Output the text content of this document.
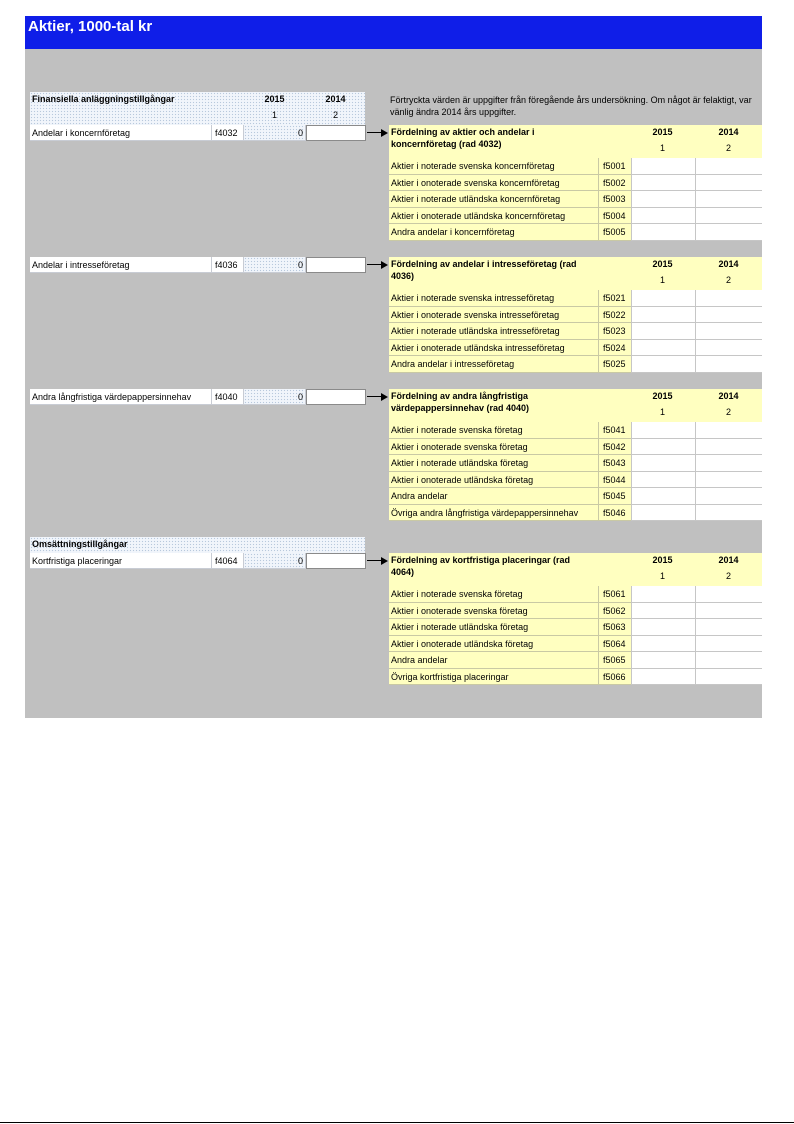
Aktier, 1000-tal kr
Finansiella anläggningstillgångar	2015	2014
1	2
Förtryckta värden är uppgifter från föregående års undersökning. Om något är felaktigt, var vänlig ändra 2014 års uppgifter.
Omsättningstillgångar
Andelar i koncernföretag	f4032	0
Andelar i intresseföretag	f4036	0
Andra långfristiga värdepappersinnehav	f4040	0
Kortfristiga placeringar	f4064	0
Fördelning av aktier och andelar i koncernföretag (rad 4032)
2015	2014
1	2
Aktier i noterade svenska koncernföretag	f5001
Aktier i onoterade svenska koncernföretag	f5002
Aktier i noterade utländska koncernföretag	f5003
Aktier i onoterade utländska koncernföretag	f5004
Andra andelar i koncernföretag	f5005
Fördelning av andelar i intresseföretag (rad 4036)
2015	2014
1	2
Aktier i noterade svenska intresseföretag	f5021
Aktier i onoterade svenska intresseföretag	f5022
Aktier i noterade utländska intresseföretag	f5023
Aktier i onoterade utländska intresseföretag	f5024
Andra andelar i intresseföretag	f5025
Fördelning av andra långfristiga värdepappersinnehav (rad 4040)
2015	2014
1	2
Aktier i noterade svenska företag	f5041
Aktier i onoterade svenska företag	f5042
Aktier i noterade utländska företag	f5043
Aktier i onoterade utländska företag	f5044
Andra andelar	f5045
Övriga andra långfristiga värdepappersinnehav	f5046
Fördelning av kortfristiga placeringar (rad 4064)
2015	2014
1	2
Aktier i noterade svenska företag	f5061
Aktier i onoterade svenska företag	f5062
Aktier i noterade utländska företag	f5063
Aktier i onoterade utländska företag	f5064
Andra andelar	f5065
Övriga kortfristiga placeringar	f5066
